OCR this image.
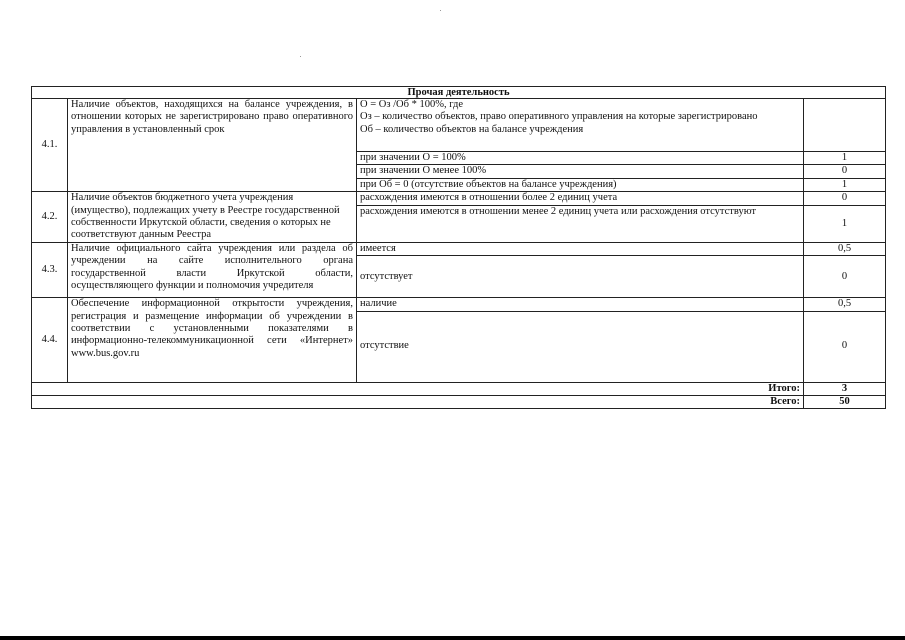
Прочая деятельность			
4.1.	Наличие объектов, находящихся на балансе учреждения, в отношении которых не зарегистрировано право оперативного управления в установленный срок	О = Оз /Об * 100%, где
Оз – количество объектов, право оперативного управления на которые зарегистрировано
Об – количество объектов на балансе учреждения	

		при значении О = 100%	1
		при значении О менее 100%	0
		при Об = 0 (отсутствие объектов на балансе учреждения)	1
4.2.	Наличие объектов бюджетного учета учреждения (имущество), подлежащих учету в Реестре государственной собственности Иркутской области, сведения о которых не соответствуют данным Реестра	расхождения имеются в отношении более 2 единиц учета	0
		расхождения имеются в отношении менее 2 единиц учета или расхождения отсутствуют	1
4.3.	Наличие официального сайта учреждения или раздела об учреждении на сайте исполнительного органа государственной власти Иркутской области, осуществляющего функции и полномочия учредителя	имеется	0,5
		отсутствует	0
4.4.	Обеспечение информационной открытости учреждения, регистрация и размещение информации об учреждении в соответствии с установленными показателями в информационно-телекоммуникационной сети «Интернет» www.bus.gov.ru	наличие	0,5
		отсутствие	0
Итого:			3
Всего:			50
